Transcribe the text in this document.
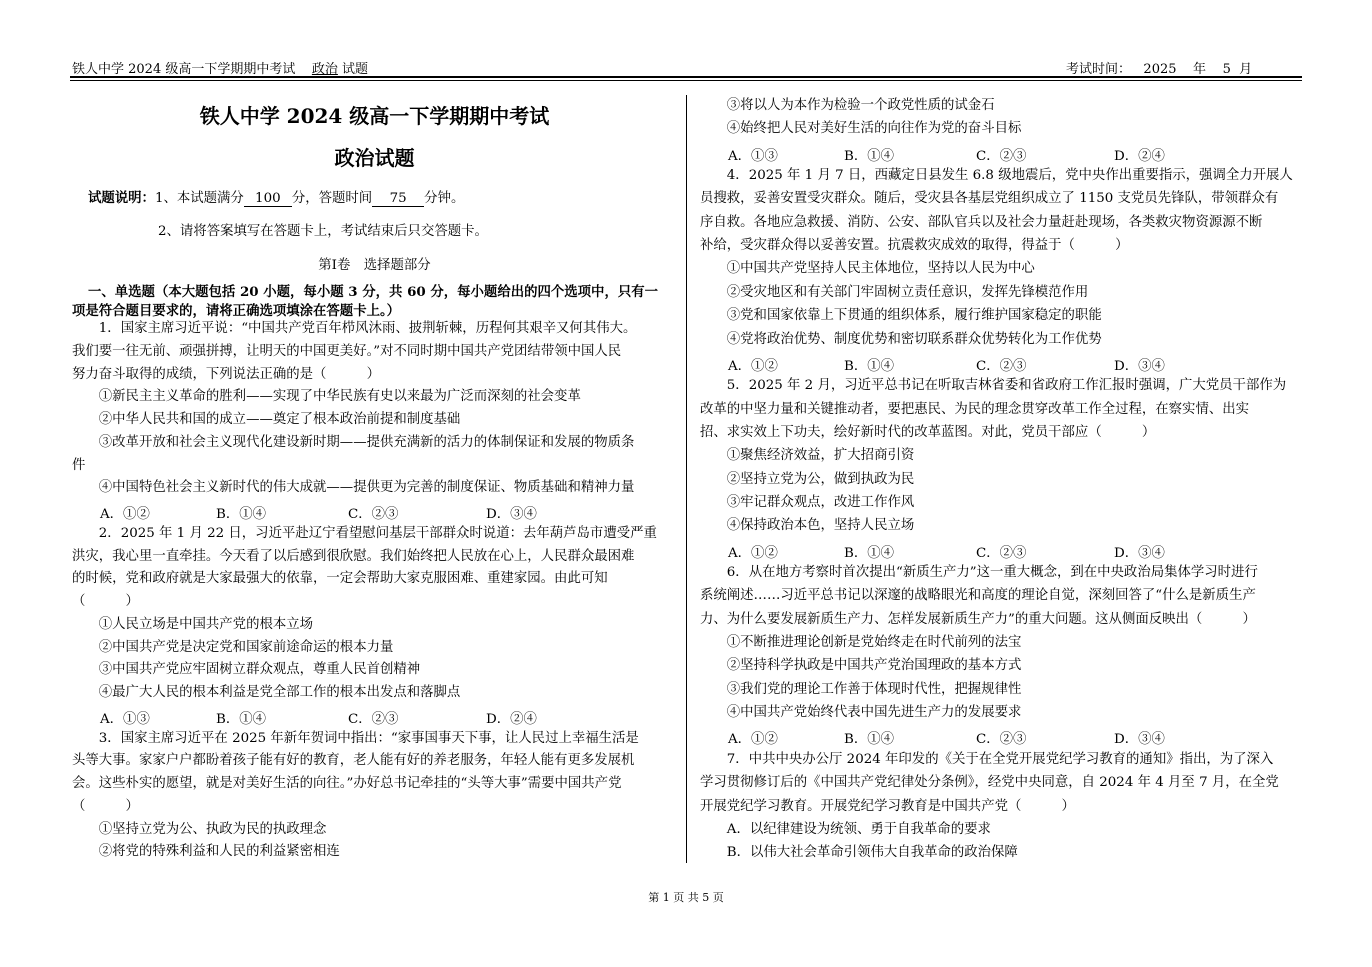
铁人中学 2024 级高一下学期期中考试 政治 试题	考试时间： 2025 年 5 月
铁人中学 2024 级高一下学期期中考试
政治试题
试题说明：1、本试题满分 100 分，答题时间 75 分钟。
2、请将答案填写在答题卡上，考试结束后只交答题卡。
第Ⅰ卷　选择题部分
一、单选题（本大题包括 20 小题，每小题 3 分，共 60 分，每小题给出的四个选项中，只有一
项是符合题目要求的，请将正确选项填涂在答题卡上。）
　　1．国家主席习近平说：“中国共产党百年栉风沐雨、披荆斩棘，历程何其艰辛又何其伟大。
我们要一往无前、顽强拼搏，让明天的中国更美好。”对不同时期中国共产党团结带领中国人民
努力奋斗取得的成绩，下列说法正确的是（　　　）
　　①新民主主义革命的胜利——实现了中华民族有史以来最为广泛而深刻的社会变革
　　②中华人民共和国的成立——奠定了根本政治前提和制度基础
　　③改革开放和社会主义现代化建设新时期——提供充满新的活力的体制保证和发展的物质条
件
　　④中国特色社会主义新时代的伟大成就——提供更为完善的制度保证、物质基础和精神力量
A．①②	B．①④	C．②③	D．③④
　　2．2025 年 1 月 22 日，习近平赴辽宁看望慰问基层干部群众时说道：去年葫芦岛市遭受严重
洪灾，我心里一直牵挂。今天看了以后感到很欣慰。我们始终把人民放在心上，人民群众最困难
的时候，党和政府就是大家最强大的依靠，一定会帮助大家克服困难、重建家园。由此可知
（　　　）
　　①人民立场是中国共产党的根本立场
　　②中国共产党是决定党和国家前途命运的根本力量
　　③中国共产党应牢固树立群众观点，尊重人民首创精神
　　④最广大人民的根本利益是党全部工作的根本出发点和落脚点
A．①③	B．①④	C．②③	D．②④
　　3．国家主席习近平在 2025 年新年贺词中指出：“家事国事天下事，让人民过上幸福生活是
头等大事。家家户户都盼着孩子能有好的教育，老人能有好的养老服务，年轻人能有更多发展机
会。这些朴实的愿望，就是对美好生活的向往。”办好总书记牵挂的“头等大事”需要中国共产党
（　　　）
　　①坚持立党为公、执政为民的执政理念
　　②将党的特殊利益和人民的利益紧密相连
　　③将以人为本作为检验一个政党性质的试金石
　　④始终把人民对美好生活的向往作为党的奋斗目标
A．①③	B．①④	C．②③	D．②④
　　4．2025 年 1 月 7 日，西藏定日县发生 6.8 级地震后，党中央作出重要指示，强调全力开展人
员搜救，妥善安置受灾群众。随后，受灾县各基层党组织成立了 1150 支党员先锋队，带领群众有
序自救。各地应急救援、消防、公安、部队官兵以及社会力量赶赴现场，各类救灾物资源源不断
补给，受灾群众得以妥善安置。抗震救灾成效的取得，得益于（　　　）
　　①中国共产党坚持人民主体地位，坚持以人民为中心
　　②受灾地区和有关部门牢固树立责任意识，发挥先锋模范作用
　　③党和国家依靠上下贯通的组织体系，履行维护国家稳定的职能
　　④党将政治优势、制度优势和密切联系群众优势转化为工作优势
A．①②	B．①④	C．②③	D．③④
　　5．2025 年 2 月，习近平总书记在听取吉林省委和省政府工作汇报时强调，广大党员干部作为
改革的中坚力量和关键推动者，要把惠民、为民的理念贯穿改革工作全过程，在察实情、出实
招、求实效上下功夫，绘好新时代的改革蓝图。对此，党员干部应（　　　）
　　①聚焦经济效益，扩大招商引资
　　②坚持立党为公，做到执政为民
　　③牢记群众观点，改进工作作风
　　④保持政治本色，坚持人民立场
A．①②	B．①④	C．②③	D．③④
　　6．从在地方考察时首次提出“新质生产力”这一重大概念，到在中央政治局集体学习时进行
系统阐述……习近平总书记以深邃的战略眼光和高度的理论自觉，深刻回答了“什么是新质生产
力、为什么要发展新质生产力、怎样发展新质生产力”的重大问题。这从侧面反映出（　　　）
　　①不断推进理论创新是党始终走在时代前列的法宝
　　②坚持科学执政是中国共产党治国理政的基本方式
　　③我们党的理论工作善于体现时代性，把握规律性
　　④中国共产党始终代表中国先进生产力的发展要求
A．①②	B．①④	C．②③	D．③④
　　7．中共中央办公厅 2024 年印发的《关于在全党开展党纪学习教育的通知》指出，为了深入
学习贯彻修订后的《中国共产党纪律处分条例》，经党中央同意，自 2024 年 4 月至 7 月，在全党
开展党纪学习教育。开展党纪学习教育是中国共产党（　　　）
　　A．以纪律建设为统领、勇于自我革命的要求
　　B．以伟大社会革命引领伟大自我革命的政治保障
第 1 页 共 5 页
